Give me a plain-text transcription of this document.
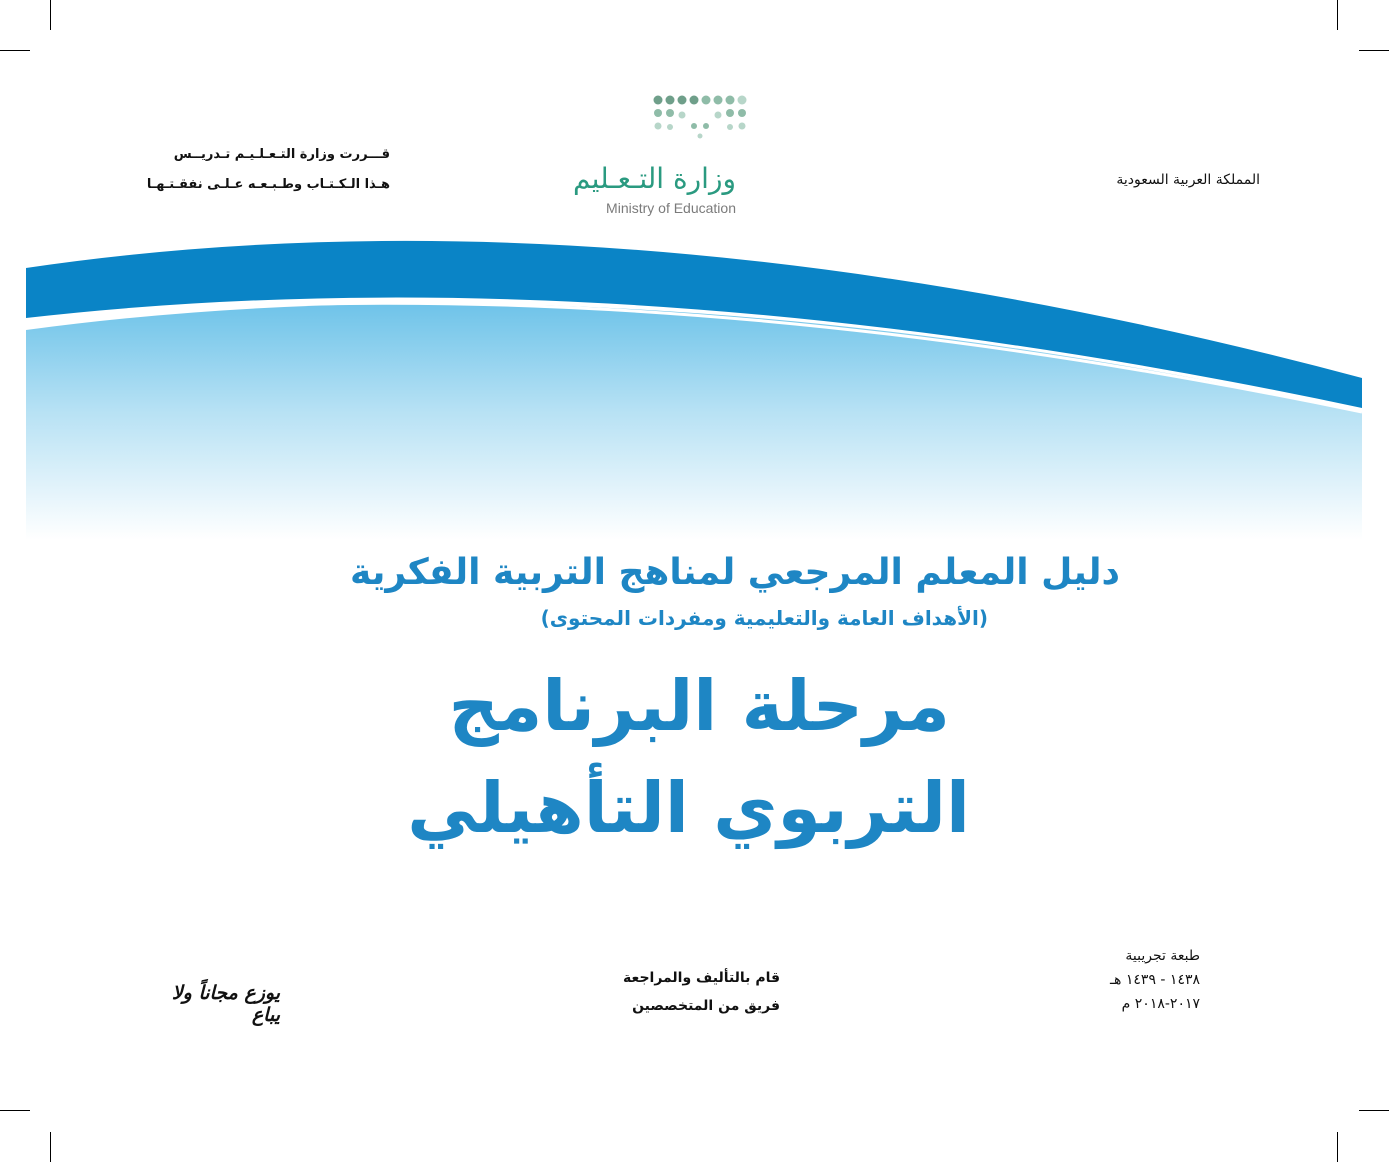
قـــررت وزارة التـعـلـيـم تـدريــس
هـذا الـكـتـاب وطـبـعـه عـلـى نفقـتـهـا	المملكة العربية السعودية
وزارة التـعـليم
Ministry of Education
دليل المعلم المرجعي لمناهج التربية الفكرية
(الأهداف العامة والتعليمية ومفردات المحتوى)
مرحلة البرنامج
التربوي التأهيلي
طبعة تجريبية
١٤٣٨ - ١٤٣٩ هـ
٢٠١٧-٢٠١٨ م
قام بالتأليف والمراجعة
فريق من المتخصصين
يوزع مجاناً ولا يباع
